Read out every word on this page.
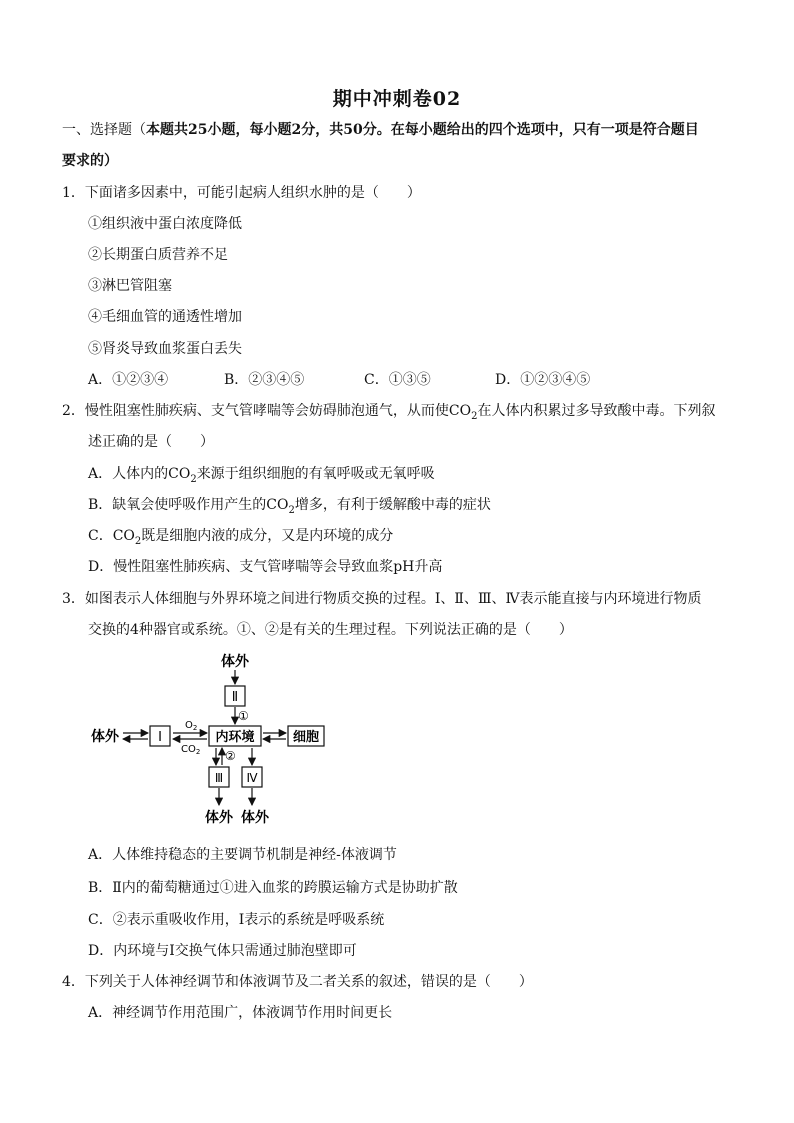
期中冲刺卷02
一、选择题（本题共25小题，每小题2分，共50分。在每小题给出的四个选项中，只有一项是符合题目
要求的）
1．下面诸多因素中，可能引起病人组织水肿的是（　　）
①组织液中蛋白浓度降低
②长期蛋白质营养不足
③淋巴管阻塞
④毛细血管的通透性增加
⑤肾炎导致血浆蛋白丢失
A．①②③④	B．②③④⑤	C．①③⑤	D．①②③④⑤
2．慢性阻塞性肺疾病、支气管哮喘等会妨碍肺泡通气，从而使$CO_2$在人体内积累过多导致酸中毒。下列叙
述正确的是（　　）
A．人体内的$CO_2$来源于组织细胞的有氧呼吸或无氧呼吸
B．缺氧会使呼吸作用产生的$CO_2$增多，有利于缓解酸中毒的症状
C．$CO_2$既是细胞内液的成分，又是内环境的成分
D．慢性阻塞性肺疾病、支气管哮喘等会导致血浆pH升高
3．如图表示人体细胞与外界环境之间进行物质交换的过程。Ⅰ、Ⅱ、Ⅲ、Ⅳ表示能直接与内环境进行物质
交换的4种器官或系统。①、②是有关的生理过程。下列说法正确的是（　　）
体外
Ⅱ
①
体外	Ⅰ
$O_2$
$CO_2$
内环境	细胞
②
Ⅲ
体外
Ⅳ
体外
A．人体维持稳态的主要调节机制是神经-体液调节
B．Ⅱ内的葡萄糖通过①进入血浆的跨膜运输方式是协助扩散
C．②表示重吸收作用，Ⅰ表示的系统是呼吸系统
D．内环境与Ⅰ交换气体只需通过肺泡壁即可
4．下列关于人体神经调节和体液调节及二者关系的叙述，错误的是（　　）
A．神经调节作用范围广，体液调节作用时间更长
